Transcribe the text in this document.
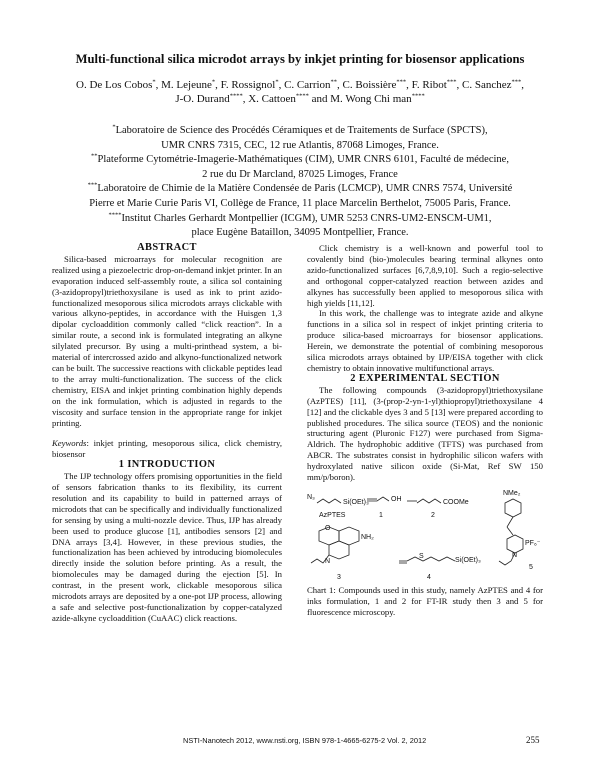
Multi-functional silica microdot arrays by inkjet printing for biosensor applications
O. De Los Cobos*, M. Lejeune*, F. Rossignol*, C. Carrion**, C. Boissière***, F. Ribot***, C. Sanchez***,
J-O. Durand****, X. Cattoen**** and M. Wong Chi man****

*Laboratoire de Science des Procédés Céramiques et de Traitements de Surface (SPCTS),

UMR CNRS 7315, CEC, 12 rue Atlantis, 87068 Limoges, France.

**Plateforme Cytométrie-Imagerie-Mathématiques (CIM), UMR CNRS 6101, Faculté de médecine,

2 rue du Dr Marcland, 87025 Limoges, France

***Laboratoire de Chimie de la Matière Condensée de Paris (LCMCP), UMR CNRS 7574, Université

Pierre et Marie Curie Paris VI, Collège de France, 11 place Marcelin Berthelot, 75005 Paris, France.

****Institut Charles Gerhardt Montpellier (ICGM), UMR 5253 CNRS-UM2-ENSCM-UM1,

place Eugène Bataillon, 34095 Montpellier, France.

ABSTRACT

Silica-based microarrays for molecular recognition are realized using a piezoelectric drop-on-demand inkjet printer. In an evaporation induced self-assembly route, a silica sol containing (3-azidopropyl)triethoxysilane is used as ink to print azido-functionalized mesoporous silica microdots arrays clickable with various alkyno-peptides, in accordance with the Huisgen 1,3 dipolar cycloaddition commonly called “click reaction”. In a similar route, a second ink is formulated integrating an alkyne silylated precursor. By using a multi-printhead system, a bi-material of intercrossed azido and alkyno-functionalized network can be built. The successive reactions with clickable peptides lead to the array multi-functionalization. The success of the click chemistry, EISA and inkjet printing combination highly depends on the ink formulation, which is adjusted in regards to the viscosity and surface tension in the appropriate range for inkjet printing.

Keywords: inkjet printing, mesoporous silica, click chemistry, biosensor

1 INTRODUCTION

The IJP technology offers promising opportunities in the field of sensors fabrication thanks to its flexibility, its current resolution and its capability to build in patterned arrays of microdots that can be specifically and individually functionalized for sensing by using a multi-nozzle device. Thus, IJP has already been used to produce glucose [1], antibodies sensors [2] and DNA arrays [3,4]. However, in these previous studies, the functionalization has been achieved by introducing biomolecules directly inside the solution before printing. As a result, the biomolecules may be damaged during the ejection [5]. In contrast, in the present work, clickable mesoporous silica microdots arrays are deposited by a one-pot IJP process, allowing a safe and selective post-functionalization by copper-catalyzed azide-alkyne cycloaddition (CuAAC) click reactions.

Click chemistry is a well-known and powerful tool to covalently bind (bio-)molecules bearing terminal alkynes onto azido-functionalized surfaces [6,7,8,9,10]. Such a regio-selective and orthogonal copper-catalyzed reaction between azides and alkynes has successfully been applied to mesoporous silica with high yields [11,12].

In this work, the challenge was to integrate azide and alkyne functions in a silica sol in respect of inkjet printing criteria to produce silica-based microarrays for biosensor applications. Herein, we demonstrate the potential of combining mesoporous silica microdots arrays obtained by IJP/EISA together with click chemistry to obtain innovative multifunctional arrays.

2 EXPERIMENTAL SECTION

The following compounds (3-azidopropyl)triethoxysilane (AzPTES) [11], (3-(prop-2-yn-1-yl)thiopropyl)triethoxysilane 4 [12] and the clickable dyes 3 and 5 [13] were prepared according to published procedures. The silica source (TEOS) and the nonionic structuring agent (Pluronic F127) were purchased from Sigma-Aldrich. The hydrophobic additive (TFTS) was purchased from ABCR. The substrates consist in hydrophilic silicon wafers with hydroxylated native silicon oxide (Si-Mat, Ref SW 150 mm/p/boron).

N₃
Si(OEt)₃
AzPTES
OH
1
COOMe
2
NMe₂
PF₆⁻
N
5
NH₂
O
N
3
S
Si(OEt)₃
4

Chart 1: Compounds used in this study, namely AzPTES and 4 for inks formulation, 1 and 2 for FT-IR study then 3 and 5 for fluorescence microscopy.

NSTI-Nanotech 2012, www.nsti.org, ISBN 978-1-4665-6275-2 Vol. 2, 2012	255
